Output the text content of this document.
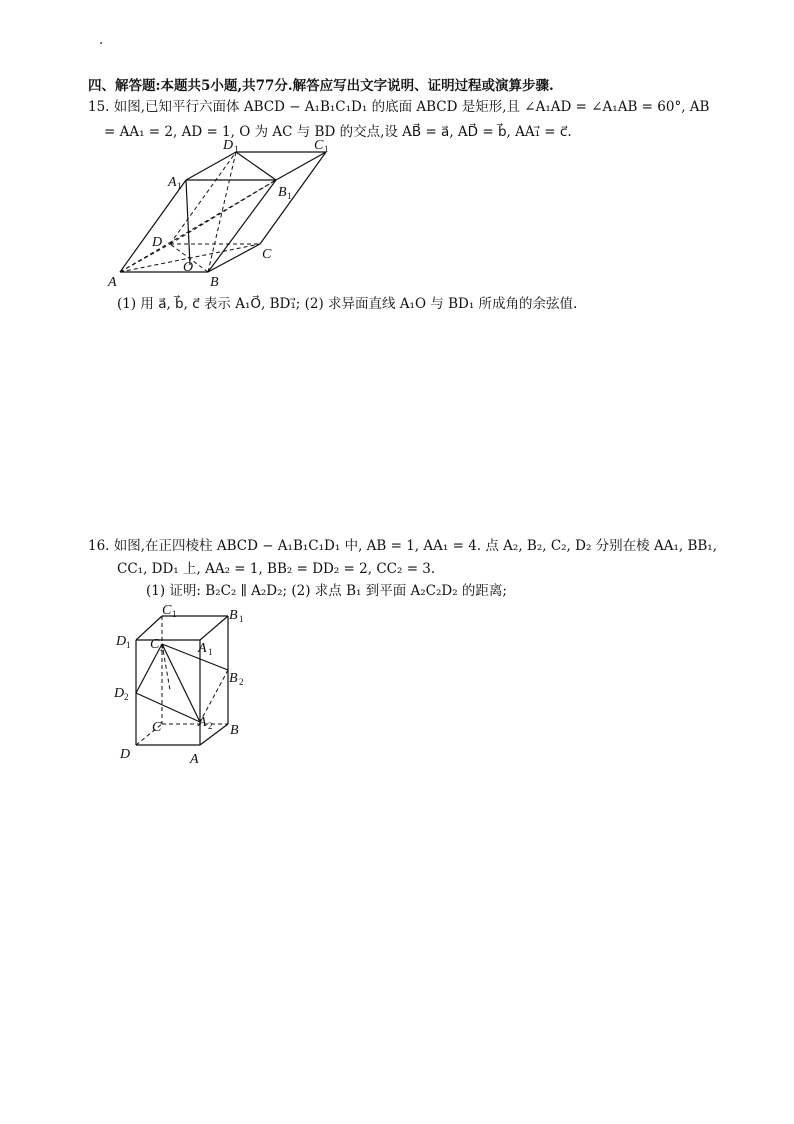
四、解答题:本题共5小题,共77分.解答应写出文字说明、证明过程或演算步骤.
15. 如图,已知平行六面体 ABCD − A₁B₁C₁D₁ 的底面 ABCD 是矩形,且 ∠A₁AD = ∠A₁AB = 60°, AB
= AA₁ = 2, AD = 1, O 为 AC 与 BD 的交点,设 AB⃗ = a⃗, AD⃗ = b⃗, AA₁⃗ = c⃗.
A	B
C
D
O
A 1	B 1
C 1
D 1
(1) 用 a⃗, b⃗, c⃗ 表示 A₁O⃗, BD₁⃗; (2) 求异面直线 A₁O 与 BD₁ 所成角的余弦值.
16. 如图,在正四棱柱 ABCD − A₁B₁C₁D₁ 中, AB = 1, AA₁ = 4. 点 A₂, B₂, C₂, D₂ 分别在棱 AA₁, BB₁,
CC₁, DD₁ 上, AA₂ = 1, BB₂ = DD₂ = 2, CC₂ = 3.
(1) 证明: B₂C₂ ∥ A₂D₂; (2) 求点 B₁ 到平面 A₂C₂D₂ 的距离;
C 1	B 1
D 1 C 2 A 1
B 2
D 2
C	A 2 B
D	A
